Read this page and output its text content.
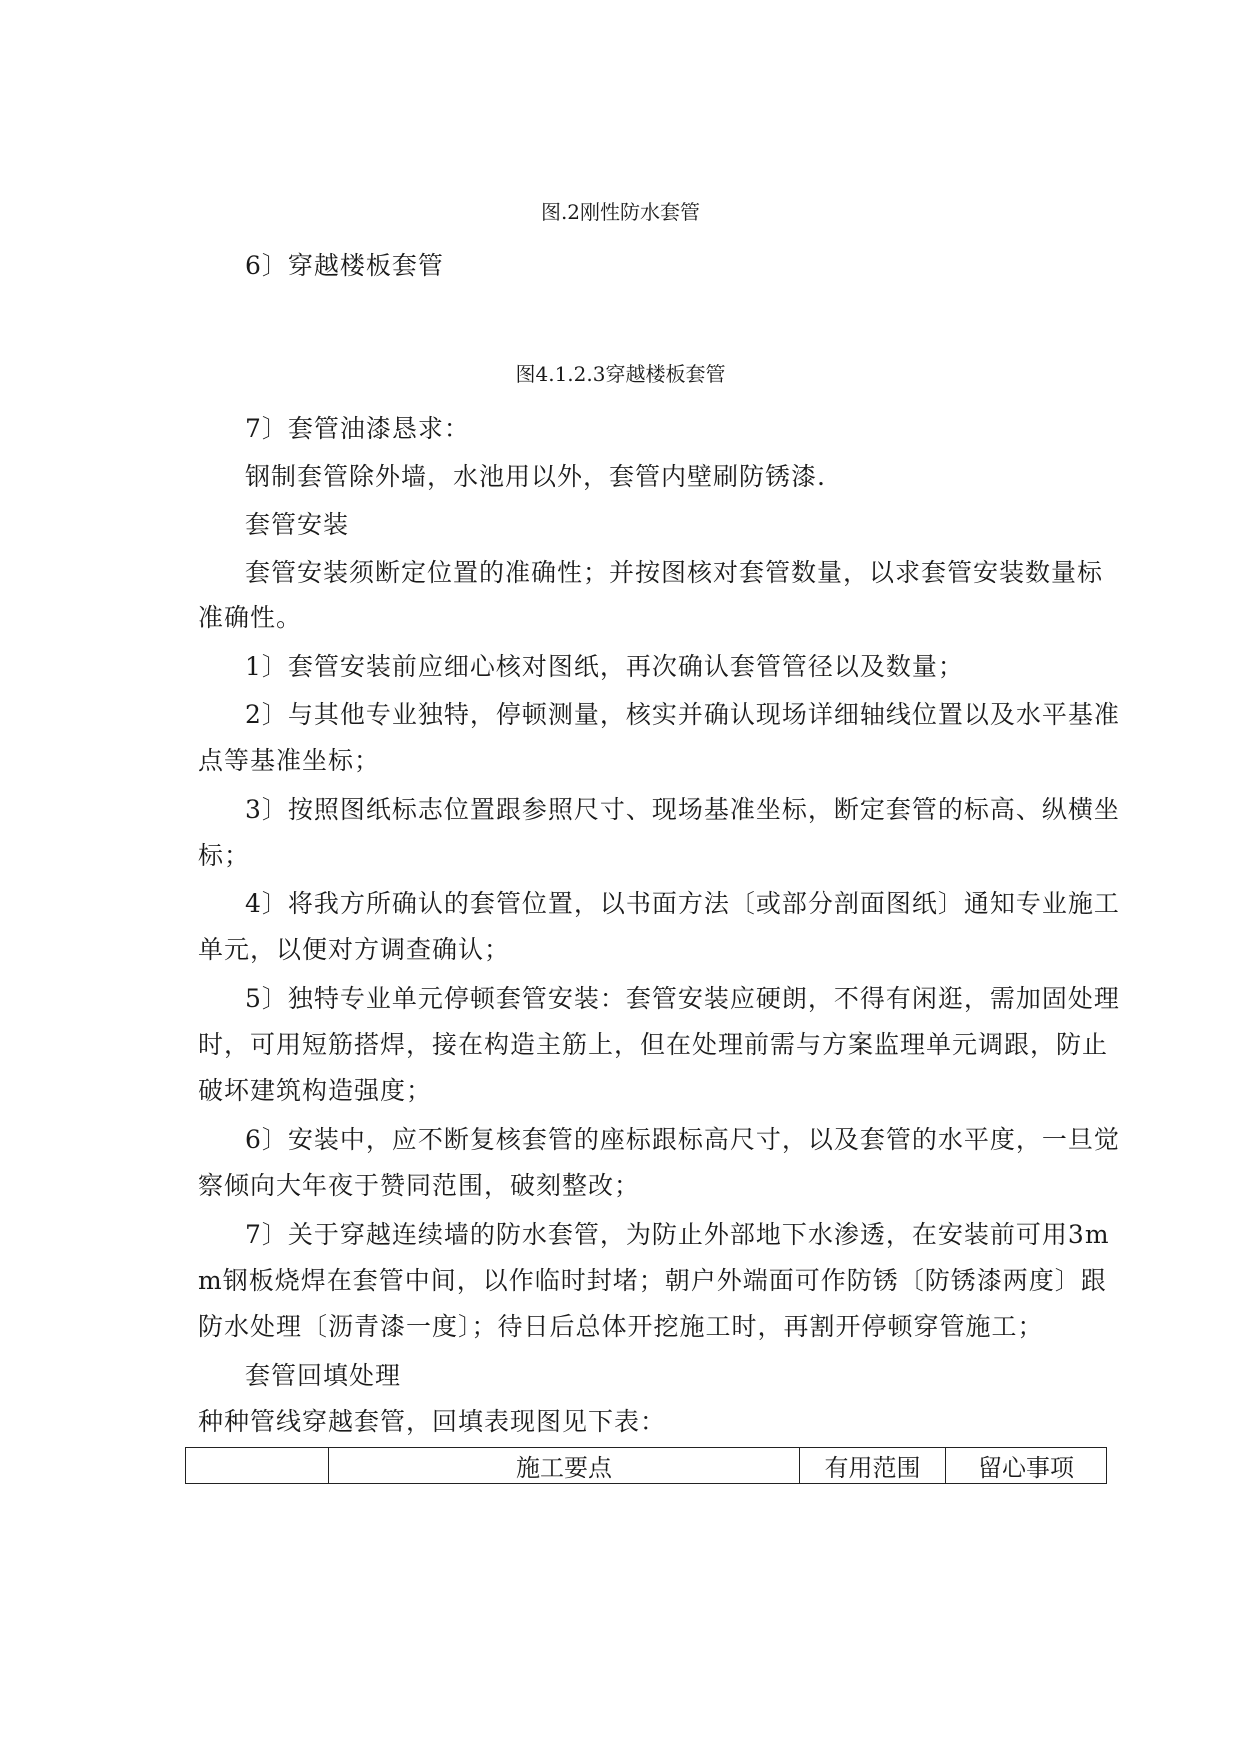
图.2刚性防水套管
6〕穿越楼板套管
图4.1.2.3穿越楼板套管
7〕套管油漆恳求：
钢制套管除外墙，水池用以外，套管内壁刷防锈漆.
套管安装
套管安装须断定位置的准确性；并按图核对套管数量，以求套管安装数量标
准确性。
1〕套管安装前应细心核对图纸，再次确认套管管径以及数量；
2〕与其他专业独特，停顿测量，核实并确认现场详细轴线位置以及水平基准
点等基准坐标；
3〕按照图纸标志位置跟参照尺寸、现场基准坐标，断定套管的标高、纵横坐
标；
4〕将我方所确认的套管位置，以书面方法〔或部分剖面图纸〕通知专业施工
单元，以便对方调查确认；
5〕独特专业单元停顿套管安装：套管安装应硬朗，不得有闲逛，需加固处理
时，可用短筋搭焊，接在构造主筋上，但在处理前需与方案监理单元调跟，防止
破坏建筑构造强度；
6〕安装中，应不断复核套管的座标跟标高尺寸，以及套管的水平度，一旦觉
察倾向大年夜于赞同范围，破刻整改；
7〕关于穿越连续墙的防水套管，为防止外部地下水渗透，在安装前可用3m
m钢板烧焊在套管中间，以作临时封堵；朝户外端面可作防锈〔防锈漆两度〕跟
防水处理〔沥青漆一度〕；待日后总体开挖施工时，再割开停顿穿管施工；
套管回填处理
种种管线穿越套管，回填表现图见下表：
	施工要点	有用范围	留心事项
